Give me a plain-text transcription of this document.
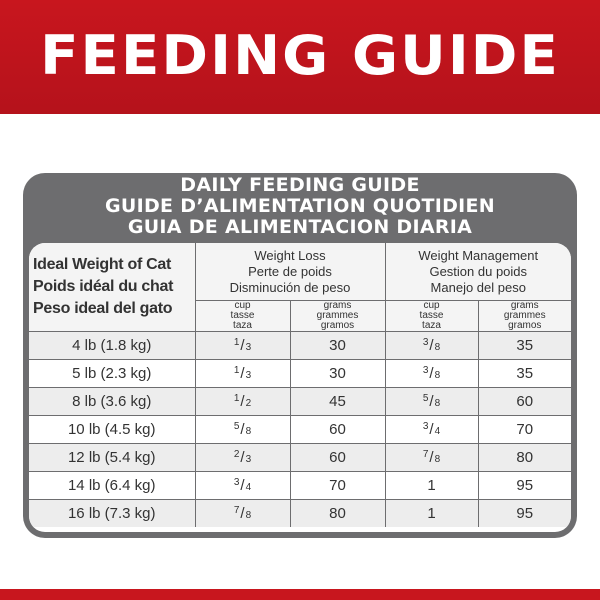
FEEDING GUIDE
DAILY FEEDING GUIDE
GUIDE D’ALIMENTATION QUOTIDIEN
GUIA DE ALIMENTACION DIARIA
Ideal Weight of Cat
Poids idéal du chat
Peso ideal del gato	Weight Loss
Perte de poids
Disminución de peso		Weight Management
Gestion du poids
Manejo del peso	

	cup
tasse
taza	grams
grammes
gramos	cup
tasse
taza	grams
grammes
gramos

4 lb (1.8 kg)	$^1$/3	30	$^3$/8	35
5 lb (2.3 kg)	$^1$/3	30	$^3$/8	35
8 lb (3.6 kg)	$^1$/2	45	$^5$/8	60
10 lb (4.5 kg)	$^5$/8	60	$^3$/4	70
12 lb (5.4 kg)	$^2$/3	60	$^7$/8	80
14 lb (6.4 kg)	$^3$/4	70	1	95
16 lb (7.3 kg)	$^7$/8	80	1	95
